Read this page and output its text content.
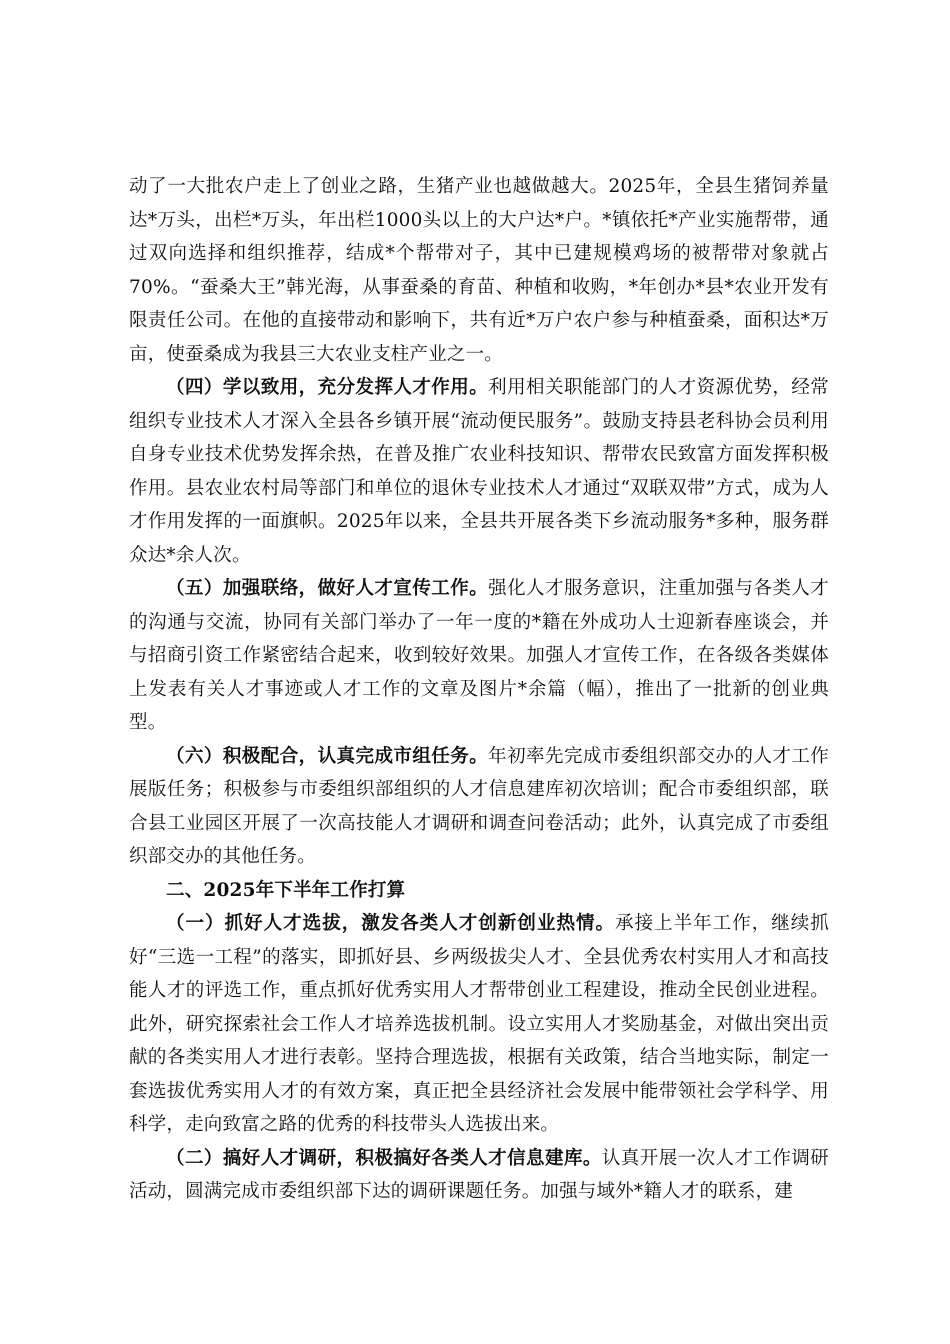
动了一大批农户走上了创业之路，生猪产业也越做越大。2025年，全县生猪饲养量达*万头，出栏*万头，年出栏1000头以上的大户达*户。*镇依托*产业实施帮带，通过双向选择和组织推荐，结成*个帮带对子，其中已建规模鸡场的被帮带对象就占70%。“蚕桑大王”韩光海，从事蚕桑的育苗、种植和收购，*年创办*县*农业开发有限责任公司。在他的直接带动和影响下，共有近*万户农户参与种植蚕桑，面积达*万亩，使蚕桑成为我县三大农业支柱产业之一。

（四）学以致用，充分发挥人才作用。利用相关职能部门的人才资源优势，经常组织专业技术人才深入全县各乡镇开展“流动便民服务”。鼓励支持县老科协会员利用自身专业技术优势发挥余热，在普及推广农业科技知识、帮带农民致富方面发挥积极作用。县农业农村局等部门和单位的退休专业技术人才通过“双联双带”方式，成为人才作用发挥的一面旗帜。2025年以来，全县共开展各类下乡流动服务*多种，服务群众达*余人次。

（五）加强联络，做好人才宣传工作。强化人才服务意识，注重加强与各类人才的沟通与交流，协同有关部门举办了一年一度的*籍在外成功人士迎新春座谈会，并与招商引资工作紧密结合起来，收到较好效果。加强人才宣传工作，在各级各类媒体上发表有关人才事迹或人才工作的文章及图片*余篇（幅），推出了一批新的创业典型。

（六）积极配合，认真完成市组任务。年初率先完成市委组织部交办的人才工作展版任务；积极参与市委组织部组织的人才信息建库初次培训；配合市委组织部，联合县工业园区开展了一次高技能人才调研和调查问卷活动；此外，认真完成了市委组织部交办的其他任务。

二、2025年下半年工作打算

（一）抓好人才选拔，激发各类人才创新创业热情。承接上半年工作，继续抓好“三选一工程”的落实，即抓好县、乡两级拔尖人才、全县优秀农村实用人才和高技能人才的评选工作，重点抓好优秀实用人才帮带创业工程建设，推动全民创业进程。此外，研究探索社会工作人才培养选拔机制。设立实用人才奖励基金，对做出突出贡献的各类实用人才进行表彰。坚持合理选拔，根据有关政策，结合当地实际，制定一套选拔优秀实用人才的有效方案，真正把全县经济社会发展中能带领社会学科学、用科学，走向致富之路的优秀的科技带头人选拔出来。

（二）搞好人才调研，积极搞好各类人才信息建库。认真开展一次人才工作调研活动，圆满完成市委组织部下达的调研课题任务。加强与域外*籍人才的联系，建
